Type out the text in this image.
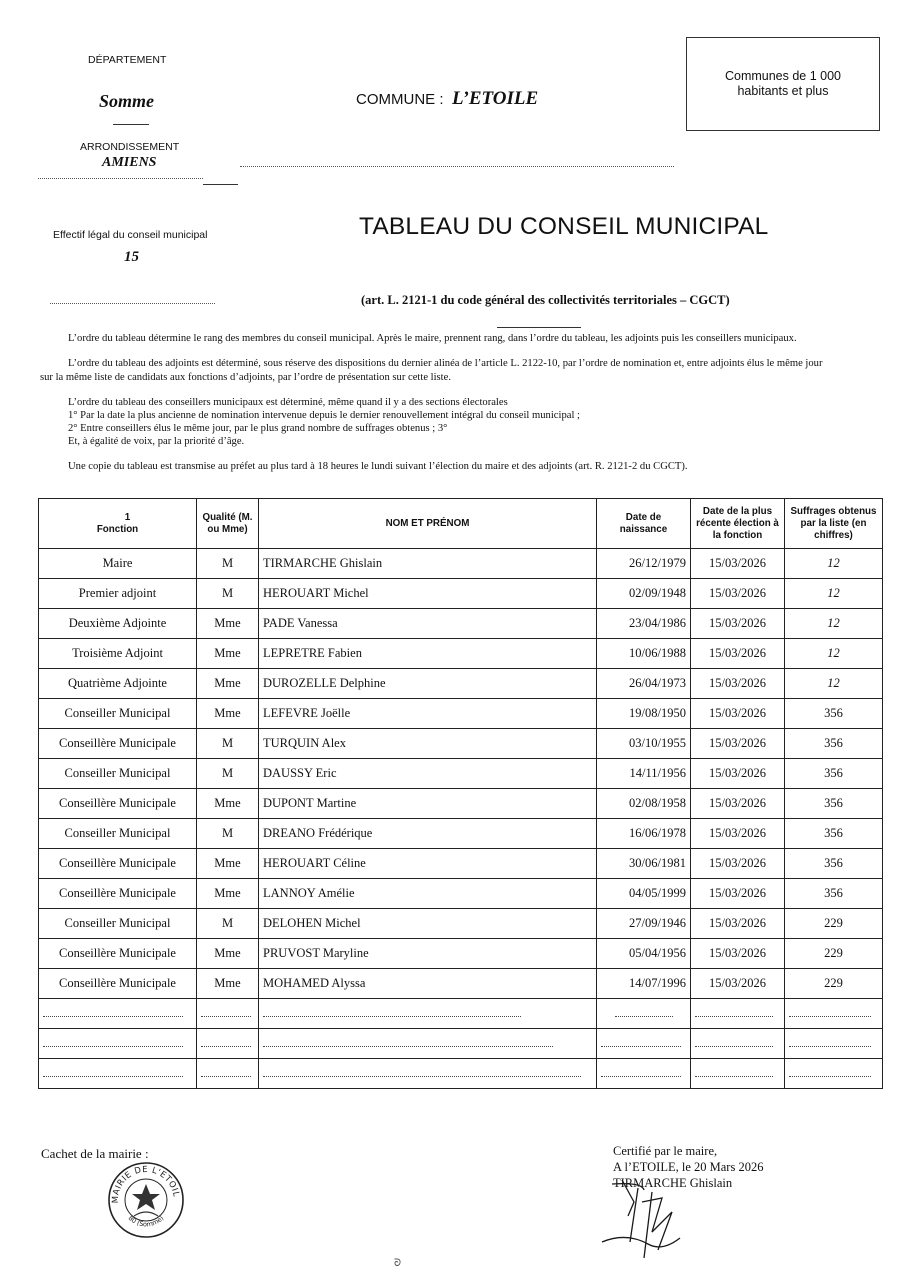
DÉPARTEMENT
Somme
ARRONDISSEMENT
AMIENS
COMMUNE : L’ETOILE
Communes de 1 000
habitants et plus
Effectif légal du conseil municipal
15
TABLEAU DU CONSEIL MUNICIPAL
(art. L. 2121-1 du code général des collectivités territoriales – CGCT)
L’ordre du tableau détermine le rang des membres du conseil municipal. Après le maire, prennent rang, dans l’ordre du tableau, les adjoints puis les conseillers municipaux.
L’ordre du tableau des adjoints est déterminé, sous réserve des dispositions du dernier alinéa de l’article L. 2122-10, par l’ordre de nomination et, entre adjoints élus le même jour
sur la même liste de candidats aux fonctions d’adjoints, par l’ordre de présentation sur cette liste.
L’ordre du tableau des conseillers municipaux est déterminé, même quand il y a des sections électorales
1° Par la date la plus ancienne de nomination intervenue depuis le dernier renouvellement intégral du conseil municipal ;
2° Entre conseillers élus le même jour, par le plus grand nombre de suffrages obtenus ; 3°
Et, à égalité de voix, par la priorité d’âge.
Une copie du tableau est transmise au préfet au plus tard à 18 heures le lundi suivant l’élection du maire et des adjoints (art. R. 2121-2 du CGCT).
1
Fonction	Qualité (M. ou Mme)	NOM ET PRÉNOM	Date de naissance	Date de la plus récente élection à la fonction	Suffrages obtenus par la liste (en chiffres)

Maire	M	TIRMARCHE Ghislain	26/12/1979	15/03/2026	12
Premier adjoint	M	HEROUART Michel	02/09/1948	15/03/2026	12
Deuxième Adjointe	Mme	PADE Vanessa	23/04/1986	15/03/2026	12
Troisième Adjoint	Mme	LEPRETRE Fabien	10/06/1988	15/03/2026	12
Quatrième Adjointe	Mme	DUROZELLE Delphine	26/04/1973	15/03/2026	12
Conseiller Municipal	Mme	LEFEVRE Joëlle	19/08/1950	15/03/2026	356
Conseillère Municipale	M	TURQUIN Alex	03/10/1955	15/03/2026	356
Conseiller Municipal	M	DAUSSY Eric	14/11/1956	15/03/2026	356
Conseillère Municipale	Mme	DUPONT Martine	02/08/1958	15/03/2026	356
Conseiller Municipal	M	DREANO Frédérique	16/06/1978	15/03/2026	356
Conseillère Municipale	Mme	HEROUART Céline	30/06/1981	15/03/2026	356
Conseillère Municipale	Mme	LANNOY Amélie	04/05/1999	15/03/2026	356
Conseiller Municipal	M	DELOHEN Michel	27/09/1946	15/03/2026	229
Conseillère Municipale	Mme	PRUVOST Maryline	05/04/1956	15/03/2026	229
Conseillère Municipale	Mme	MOHAMED Alyssa	14/07/1996	15/03/2026	229

Cachet de la mairie :
MAIRIE DE L'ETOIL
80 (Somme)
Certifié par le maire,
A l’ETOILE, le 20 Mars 2026
TIRMARCHE Ghislain
ᘐ
